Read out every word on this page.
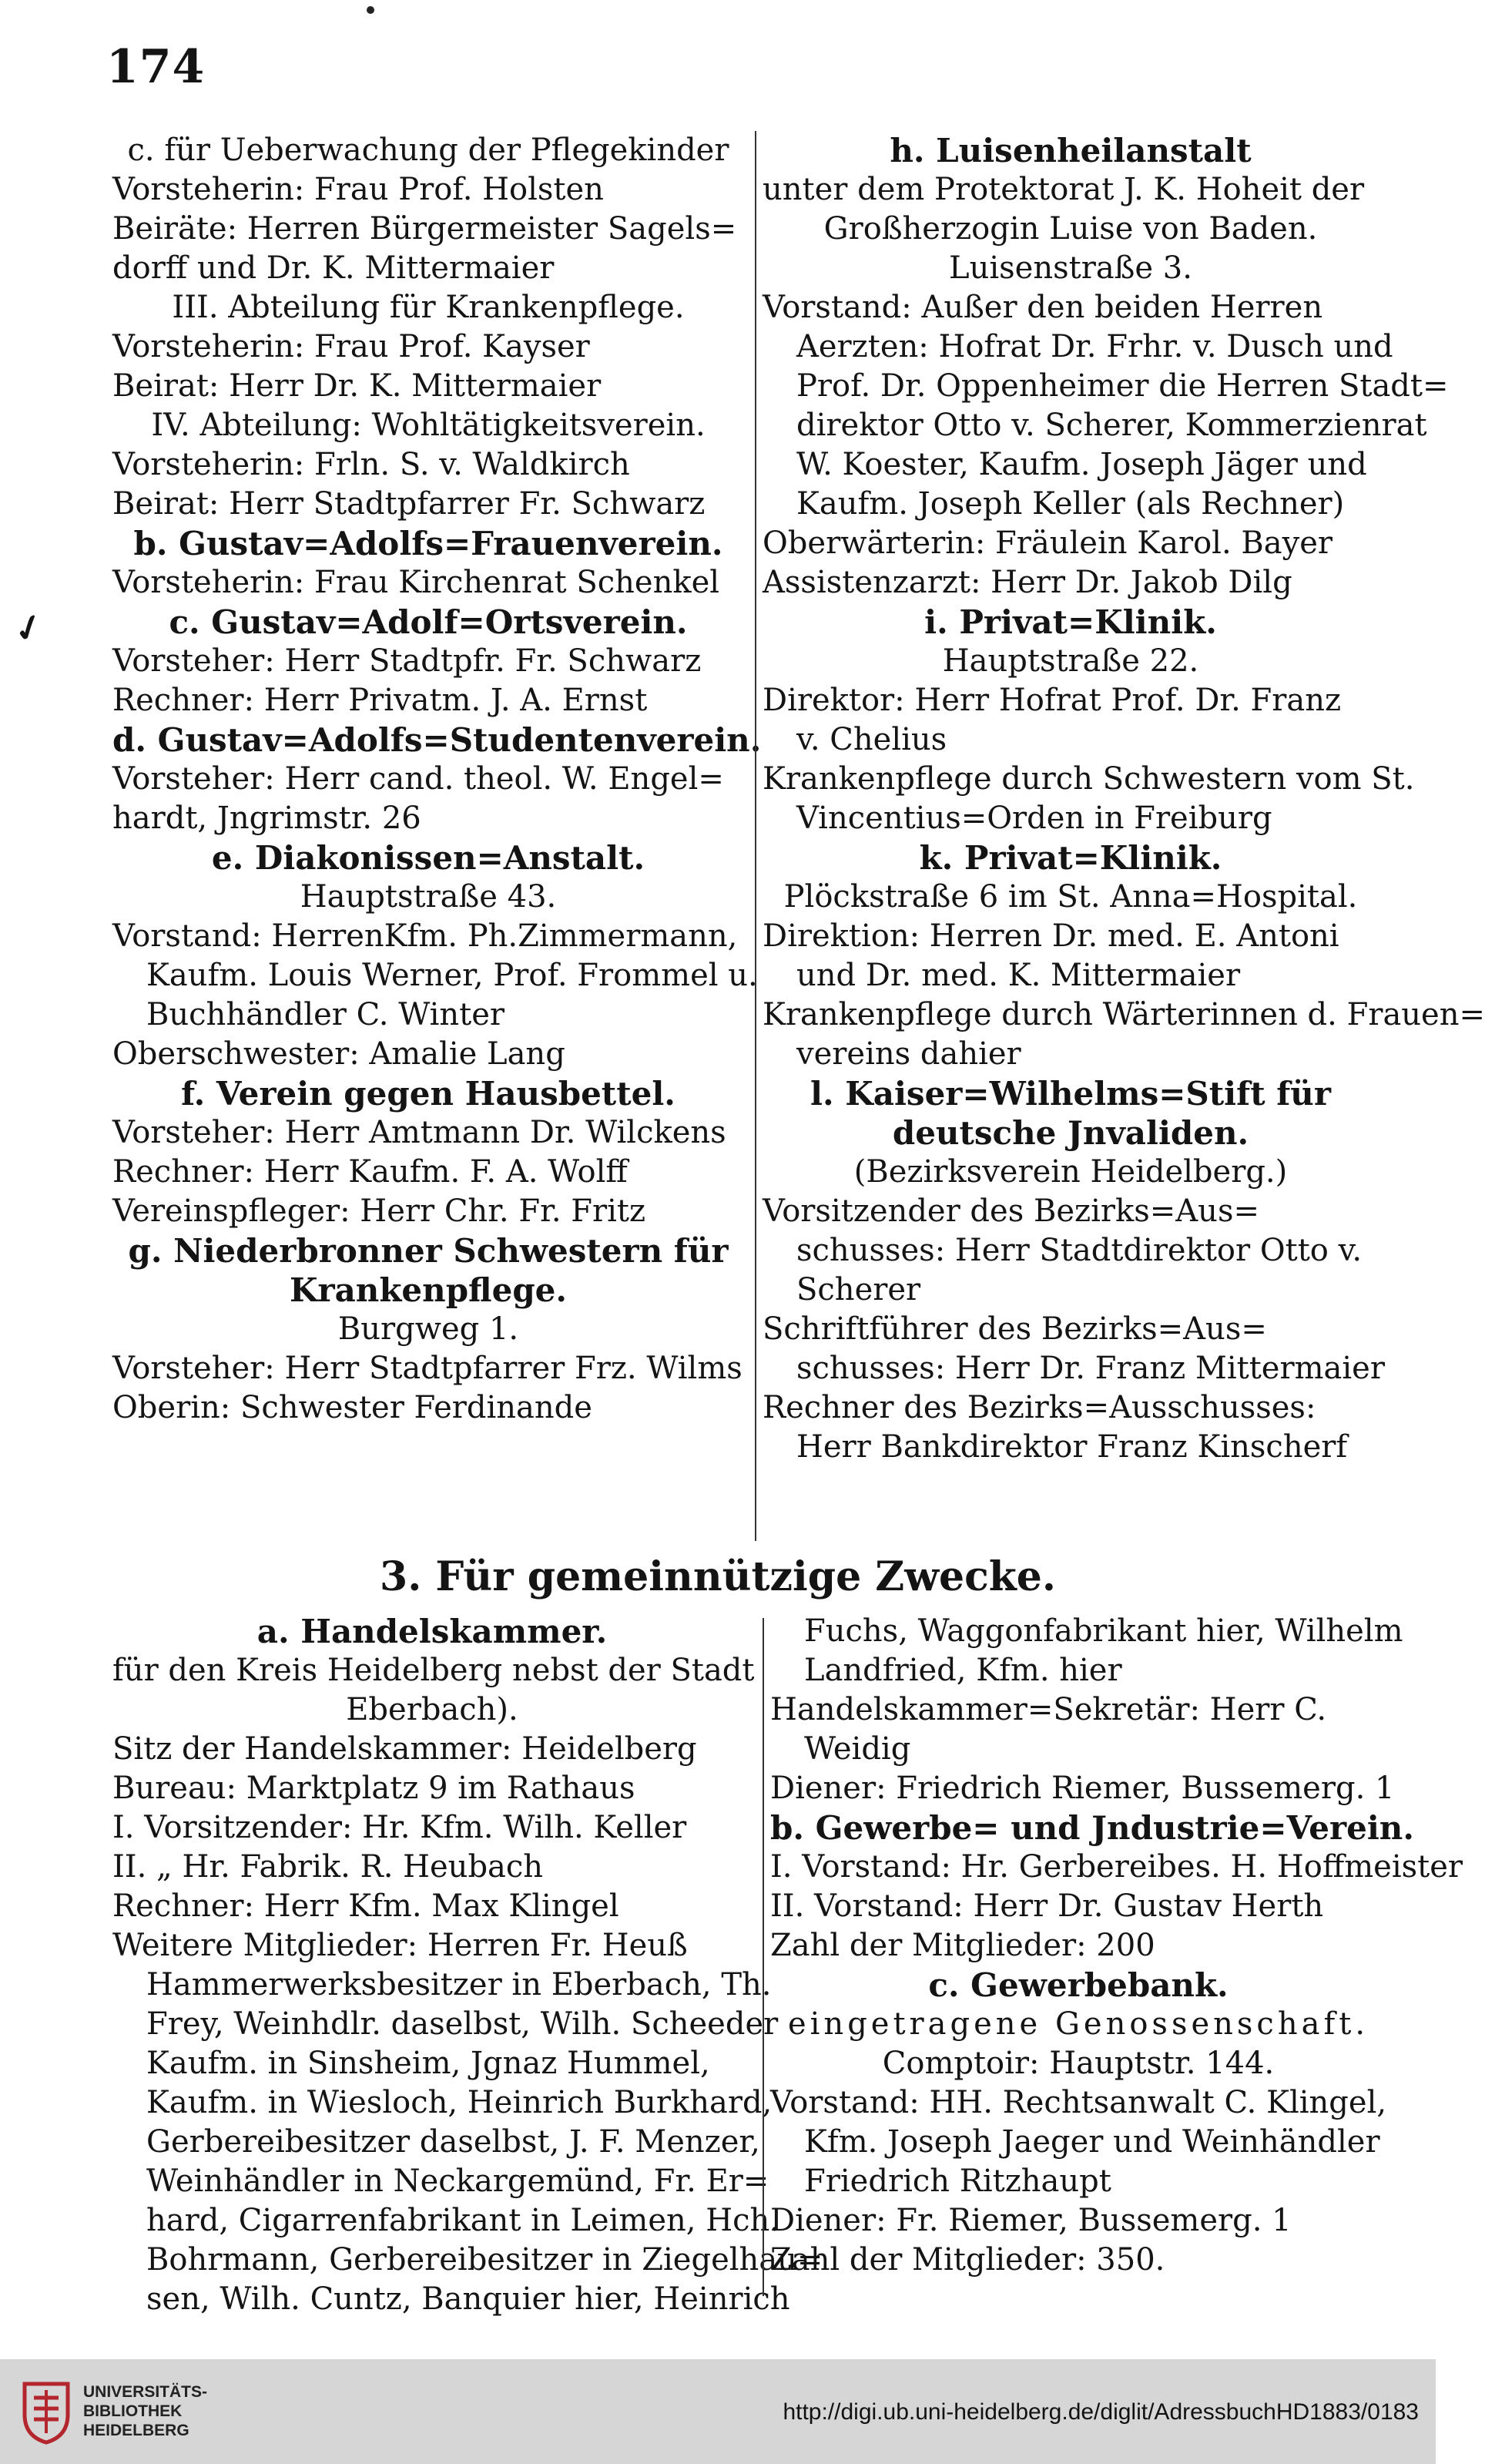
174
✓
c. für Ueberwachung der Pflegekinder
Vorsteherin: Frau Prof. Holsten
Beiräte: Herren Bürgermeister Sagels=
dorff und Dr. K. Mittermaier
III. Abteilung für Krankenpflege.
Vorsteherin: Frau Prof. Kayser
Beirat: Herr Dr. K. Mittermaier
IV. Abteilung: Wohltätigkeitsverein.
Vorsteherin: Frln. S. v. Waldkirch
Beirat: Herr Stadtpfarrer Fr. Schwarz
b. Gustav=Adolfs=Frauenverein.
Vorsteherin: Frau Kirchenrat Schenkel
c. Gustav=Adolf=Ortsverein.
Vorsteher: Herr Stadtpfr. Fr. Schwarz
Rechner: Herr Privatm. J. A. Ernst
d. Gustav=Adolfs=Studentenverein.
Vorsteher: Herr cand. theol. W. Engel=
hardt, Jngrimstr. 26
e. Diakonissen=Anstalt.
Hauptstraße 43.
Vorstand: HerrenKfm. Ph.Zimmermann,
Kaufm. Louis Werner, Prof. Frommel u.
Buchhändler C. Winter
Oberschwester: Amalie Lang
f. Verein gegen Hausbettel.
Vorsteher: Herr Amtmann Dr. Wilckens
Rechner: Herr Kaufm. F. A. Wolff
Vereinspfleger: Herr Chr. Fr. Fritz
g. Niederbronner Schwestern für
Krankenpflege.
Burgweg 1.
Vorsteher: Herr Stadtpfarrer Frz. Wilms
Oberin: Schwester Ferdinande
h. Luisenheilanstalt
unter dem Protektorat J. K. Hoheit der
Großherzogin Luise von Baden.
Luisenstraße 3.
Vorstand: Außer den beiden Herren
Aerzten: Hofrat Dr. Frhr. v. Dusch und
Prof. Dr. Oppenheimer die Herren Stadt=
direktor Otto v. Scherer, Kommerzienrat
W. Koester, Kaufm. Joseph Jäger und
Kaufm. Joseph Keller (als Rechner)
Oberwärterin: Fräulein Karol. Bayer
Assistenzarzt: Herr Dr. Jakob Dilg
i. Privat=Klinik.
Hauptstraße 22.
Direktor: Herr Hofrat Prof. Dr. Franz
v. Chelius
Krankenpflege durch Schwestern vom St.
Vincentius=Orden in Freiburg
k. Privat=Klinik.
Plöckstraße 6 im St. Anna=Hospital.
Direktion: Herren Dr. med. E. Antoni
und Dr. med. K. Mittermaier
Krankenpflege durch Wärterinnen d. Frauen=
vereins dahier
l. Kaiser=Wilhelms=Stift für
deutsche Jnvaliden.
(Bezirksverein Heidelberg.)
Vorsitzender des Bezirks=Aus=
schusses: Herr Stadtdirektor Otto v.
Scherer
Schriftführer des Bezirks=Aus=
schusses: Herr Dr. Franz Mittermaier
Rechner des Bezirks=Ausschusses:
Herr Bankdirektor Franz Kinscherf
3. Für gemeinnützige Zwecke.
a. Handelskammer.
für den Kreis Heidelberg nebst der Stadt
Eberbach).
Sitz der Handelskammer: Heidelberg
Bureau: Marktplatz 9 im Rathaus
I. Vorsitzender: Hr. Kfm. Wilh. Keller
II. „ Hr. Fabrik. R. Heubach
Rechner: Herr Kfm. Max Klingel
Weitere Mitglieder: Herren Fr. Heuß
Hammerwerksbesitzer in Eberbach, Th.
Frey, Weinhdlr. daselbst, Wilh. Scheeder
Kaufm. in Sinsheim, Jgnaz Hummel,
Kaufm. in Wiesloch, Heinrich Burkhard,
Gerbereibesitzer daselbst, J. F. Menzer,
Weinhändler in Neckargemünd, Fr. Er=
hard, Cigarrenfabrikant in Leimen, Hch.
Bohrmann, Gerbereibesitzer in Ziegelhau=
sen, Wilh. Cuntz, Banquier hier, Heinrich
Fuchs, Waggonfabrikant hier, Wilhelm
Landfried, Kfm. hier
Handelskammer=Sekretär: Herr C.
Weidig
Diener: Friedrich Riemer, Bussemerg. 1
b. Gewerbe= und Jndustrie=Verein.
I. Vorstand: Hr. Gerbereibes. H. Hoffmeister
II. Vorstand: Herr Dr. Gustav Herth
Zahl der Mitglieder: 200
c. Gewerbebank.
eingetragene Genossenschaft.
Comptoir: Hauptstr. 144.
Vorstand: HH. Rechtsanwalt C. Klingel,
Kfm. Joseph Jaeger und Weinhändler
Friedrich Ritzhaupt
Diener: Fr. Riemer, Bussemerg. 1
Zahl der Mitglieder: 350.
UNIVERSITÄTS-
BIBLIOTHEK
HEIDELBERG
http://digi.ub.uni-heidelberg.de/diglit/AdressbuchHD1883/0183
